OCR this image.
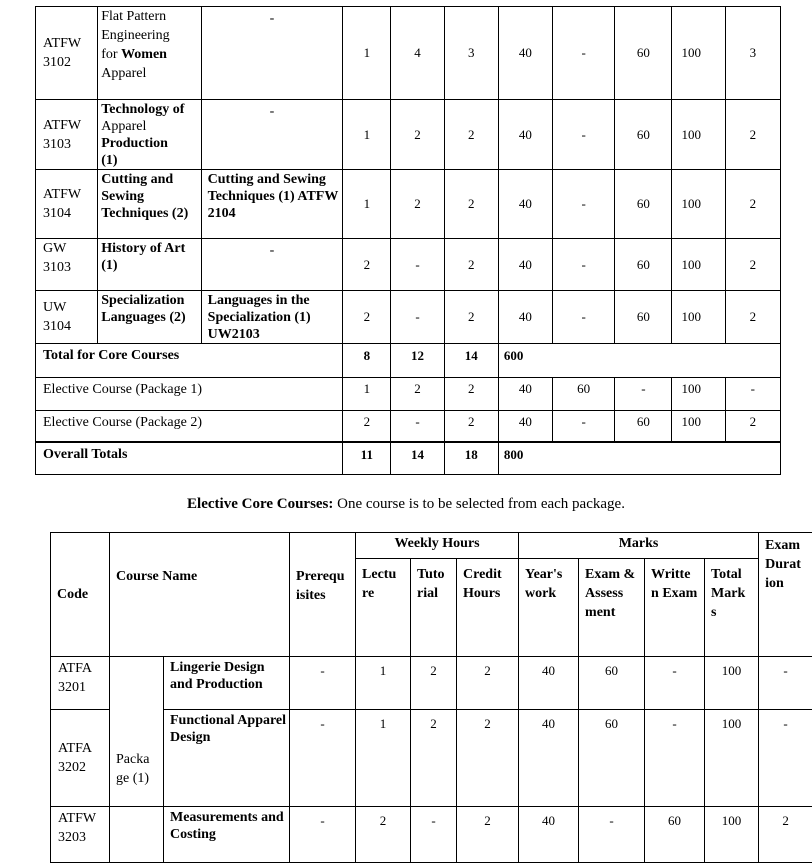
ATFW
3102	Flat Pattern
Engineering
for Women
Apparel	-	1	4	3	40	-	60	100	3
ATFW
3103	Technology of
Apparel
Production
(1)	-	1	2	2	40	-	60	100	2
ATFW
3104	Cutting and Sewing Techniques (2)	Cutting and Sewing Techniques (1) ATFW 2104	1	2	2	40	-	60	100	2
GW
3103	History of Art (1)	-	2	-	2	40	-	60	100	2
UW
3104	Specialization Languages (2)	Languages in the Specialization (1) UW2103	2	-	2	40	-	60	100	2
Total for Core Courses			8	12	14	600				
Elective Course (Package 1)			1	2	2	40	60	-	100	-
Elective Course (Package 2)			2	-	2	40	-	60	100	2

Overall Totals			11	14	18	800				
Elective Core Courses: One course is to be selected from each package.
Code	Course Name		Prerequ isites	Weekly Hours			Marks				Exam Durat ion
				Lectu re	Tuto rial	Credit Hours	Year's work	Exam & Assess ment	Writte n Exam	Total Mark s	
ATFA
3201	Packa ge (1)	Lingerie Design and Production	-	1	2	2	40	60	-	100	-
ATFA
3202		Functional Apparel Design	-	1	2	2	40	60	-	100	-
ATFW
3203		Measurements and Costing	-	2	-	2	40	-	60	100	2
